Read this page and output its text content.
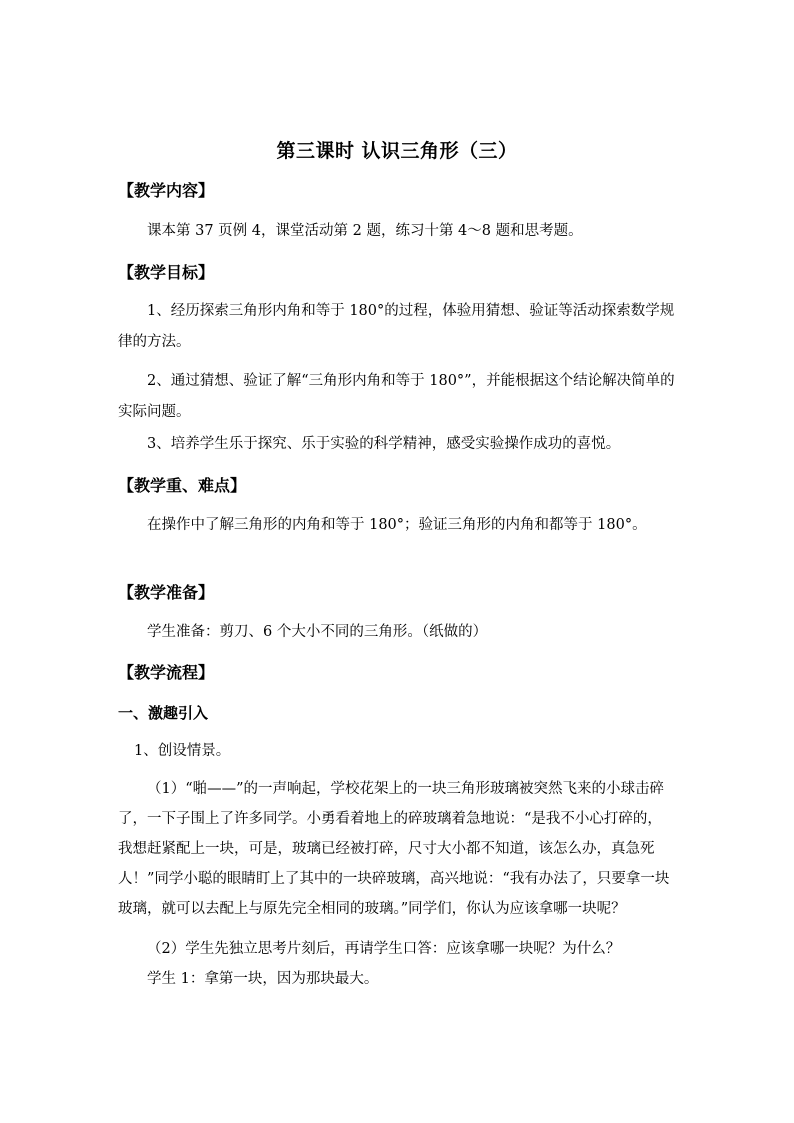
第三课时 认识三角形（三）
【教学内容】
课本第 37 页例 4，课堂活动第 2 题，练习十第 4～8 题和思考题。
【教学目标】
1、经历探索三角形内角和等于 180°的过程，体验用猜想、验证等活动探索数学规律的方法。
2、通过猜想、验证了解“三角形内角和等于 180°”，并能根据这个结论解决简单的实际问题。
3、培养学生乐于探究、乐于实验的科学精神，感受实验操作成功的喜悦。
【教学重、难点】
在操作中了解三角形的内角和等于 180°；验证三角形的内角和都等于 180°。
【教学准备】
学生准备：剪刀、6 个大小不同的三角形。（纸做的）
【教学流程】
一、激趣引入
1、创设情景。
（1）“啪——”的一声响起，学校花架上的一块三角形玻璃被突然飞来的小球击碎了，一下子围上了许多同学。小勇看着地上的碎玻璃着急地说：“是我不小心打碎的，我想赶紧配上一块，可是，玻璃已经被打碎，尺寸大小都不知道，该怎么办，真急死人！”同学小聪的眼睛盯上了其中的一块碎玻璃，高兴地说：“我有办法了，只要拿一块玻璃，就可以去配上与原先完全相同的玻璃。”同学们，你认为应该拿哪一块呢？
（2）学生先独立思考片刻后，再请学生口答：应该拿哪一块呢？为什么？
学生 1：拿第一块，因为那块最大。
